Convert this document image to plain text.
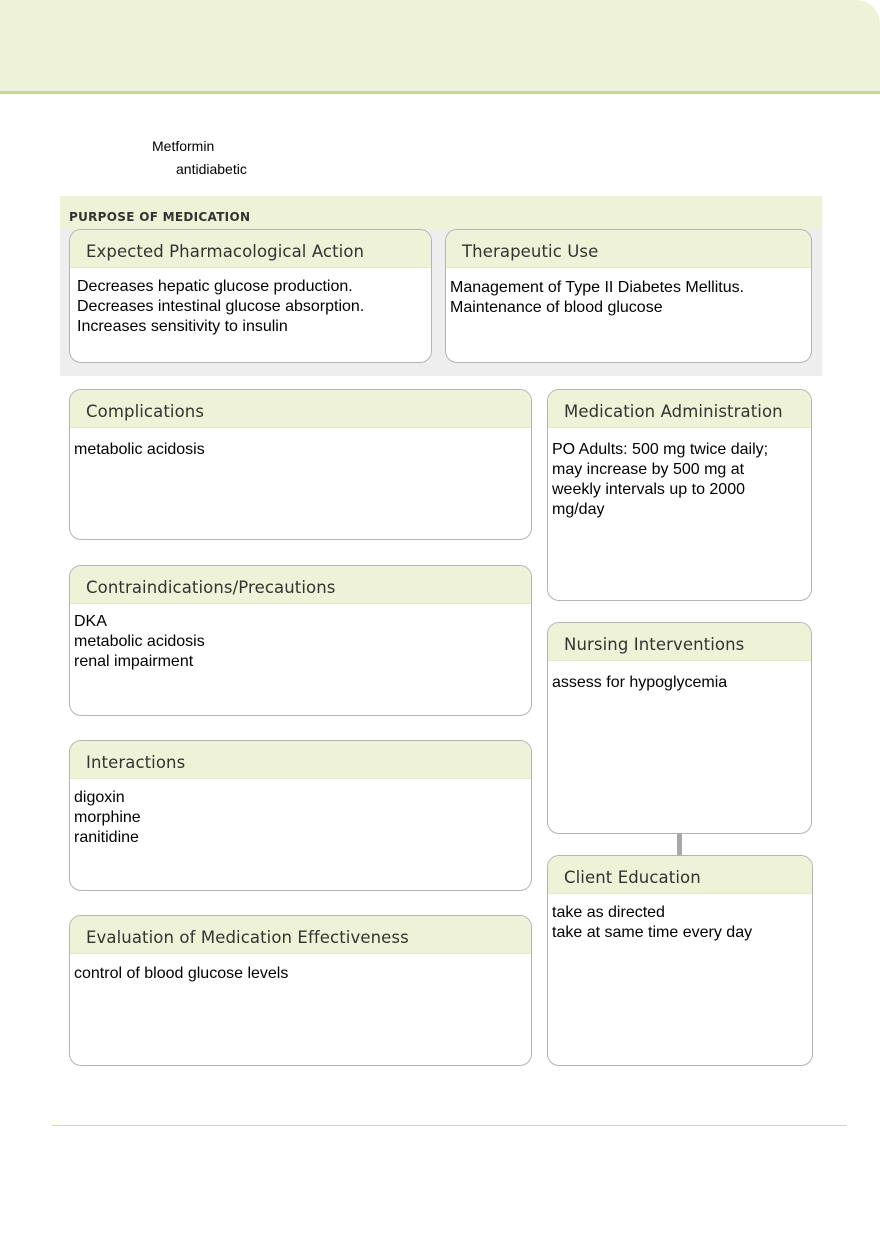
Metformin
antidiabetic
PURPOSE OF MEDICATION
Expected Pharmacological Action
Decreases hepatic glucose production.
Decreases intestinal glucose absorption.
Increases sensitivity to insulin
Therapeutic Use
Management of Type II Diabetes Mellitus.
Maintenance of blood glucose
Complications
metabolic acidosis
Medication Administration
PO Adults: 500 mg twice daily; may increase by 500 mg at weekly intervals up to 2000 mg/day
Contraindications/Precautions
DKA
metabolic acidosis
renal impairment
Nursing Interventions
assess for hypoglycemia
Interactions
digoxin
morphine
ranitidine
Client Education
take as directed
take at same time every day
Evaluation of Medication Effectiveness
control of blood glucose levels
